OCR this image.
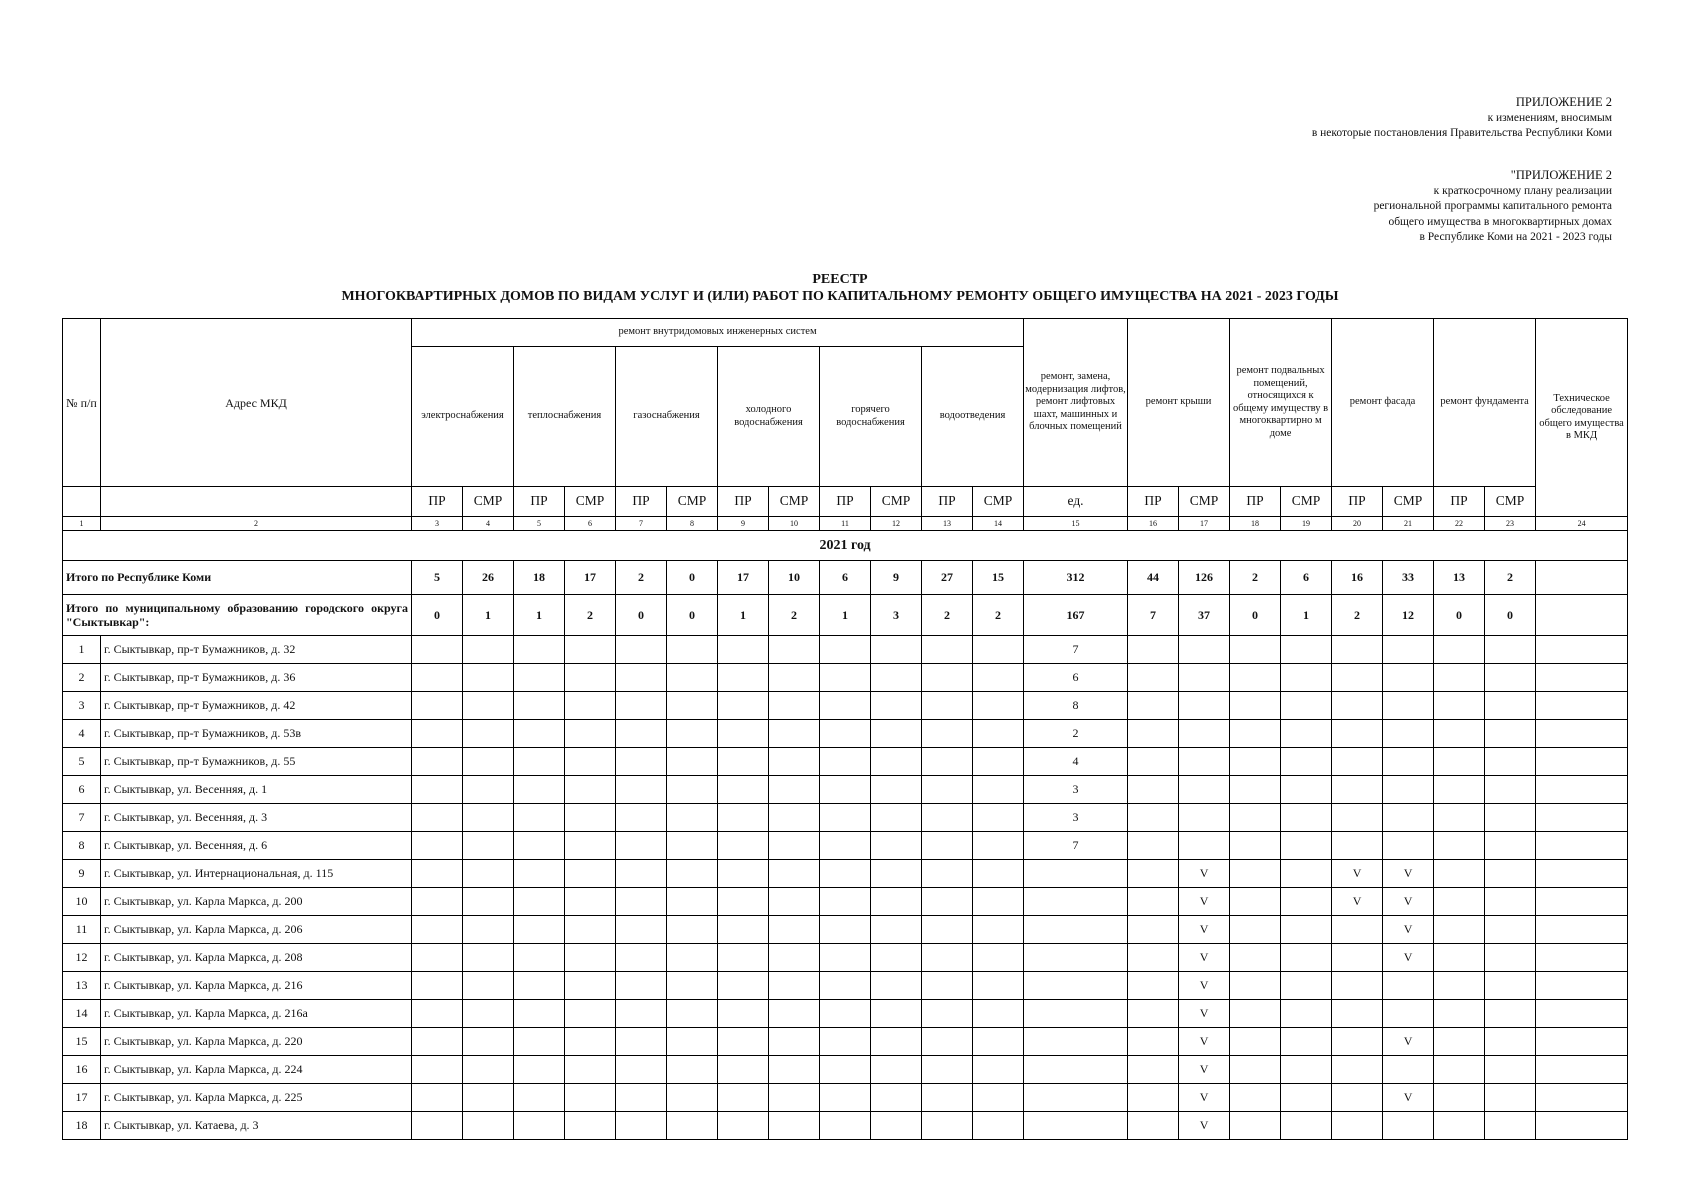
ПРИЛОЖЕНИЕ 2
к изменениям, вносимым
в некоторые постановления Правительства Республики Коми
"ПРИЛОЖЕНИЕ 2
к краткосрочному плану реализации
региональной программы капитального ремонта
общего имущества в многоквартирных домах
в Республике Коми на 2021 - 2023 годы
РЕЕСТР
МНОГОКВАРТИРНЫХ ДОМОВ ПО ВИДАМ УСЛУГ И (ИЛИ) РАБОТ ПО КАПИТАЛЬНОМУ РЕМОНТУ ОБЩЕГО ИМУЩЕСТВА НА 2021 - 2023 ГОДЫ
№ п/п	Адрес МКД	ремонт внутридомовых инженерных систем												ремонт, замена, модернизация лифтов, ремонт лифтовых шахт, машинных и блочных помещений	ремонт крыши		ремонт подвальных помещений, относящихся к общему имуществу в многоквартирно м доме		ремонт фасада		ремонт фундамента		Техническое обследование общего имущества в МКД
		электроснабжения		теплоснабжения		газоснабжения		холодного водоснабжения		горячего водоснабжения		водоотведения											
		ПР	СМР	ПР	СМР	ПР	СМР	ПР	СМР	ПР	СМР	ПР	СМР	ед.	ПР	СМР	ПР	СМР	ПР	СМР	ПР	СМР	
1	2	3	4	5	6	7	8	9	10	11	12	13	14	15	16	17	18	19	20	21	22	23	24
2021 год																							
Итого по Республике Коми		5	26	18	17	2	0	17	10	6	9	27	15	312	44	126	2	6	16	33	13	2	
Итого по муниципальному образованию городского округа "Сыктывкар":		0	1	1	2	0	0	1	2	1	3	2	2	167	7	37	0	1	2	12	0	0	
1	г. Сыктывкар, пр-т Бумажников, д. 32													7									
2	г. Сыктывкар, пр-т Бумажников, д. 36													6									
3	г. Сыктывкар, пр-т Бумажников, д. 42													8									
4	г. Сыктывкар, пр-т Бумажников, д. 53в													2									
5	г. Сыктывкар, пр-т Бумажников, д. 55													4									
6	г. Сыктывкар, ул. Весенняя, д. 1													3									
7	г. Сыктывкар, ул. Весенняя, д. 3													3									
8	г. Сыктывкар, ул. Весенняя, д. 6													7									
9	г. Сыктывкар, ул. Интернациональная, д. 115															V			V	V			
10	г. Сыктывкар, ул. Карла Маркса, д. 200															V			V	V			
11	г. Сыктывкар, ул. Карла Маркса, д. 206															V				V			
12	г. Сыктывкар, ул. Карла Маркса, д. 208															V				V			
13	г. Сыктывкар, ул. Карла Маркса, д. 216															V							
14	г. Сыктывкар, ул. Карла Маркса, д. 216а															V							
15	г. Сыктывкар, ул. Карла Маркса, д. 220															V				V			
16	г. Сыктывкар, ул. Карла Маркса, д. 224															V							
17	г. Сыктывкар, ул. Карла Маркса, д. 225															V				V			
18	г. Сыктывкар, ул. Катаева, д. 3															V							
